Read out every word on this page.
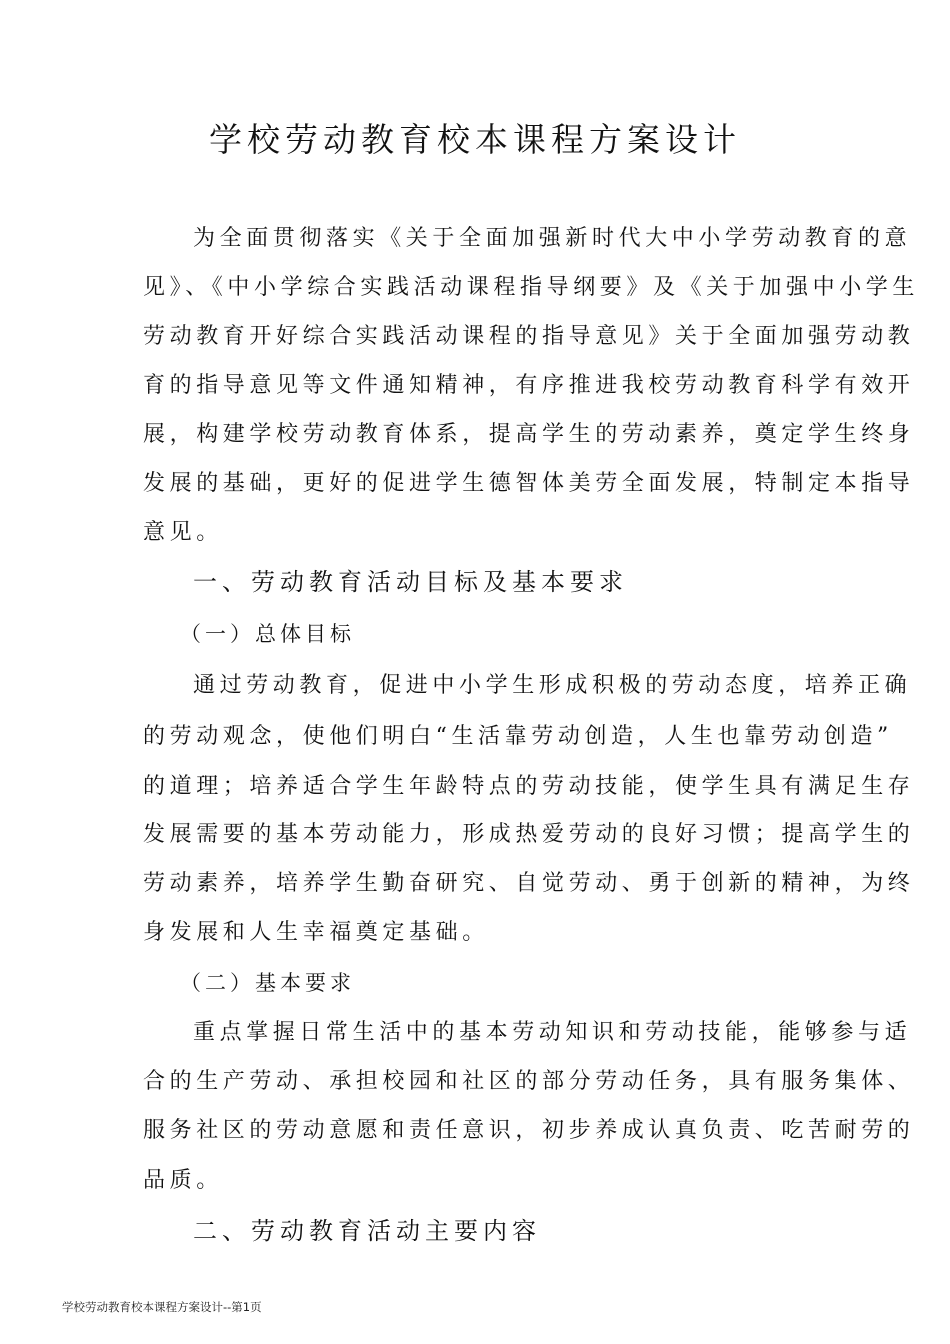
学校劳动教育校本课程方案设计
为全面贯彻落实《关于全面加强新时代大中小学劳动教育的意
见》、《中小学综合实践活动课程指导纲要》及《关于加强中小学生
劳动教育开好综合实践活动课程的指导意见》关于全面加强劳动教
育的指导意见等文件通知精神，有序推进我校劳动教育科学有效开
展，构建学校劳动教育体系，提高学生的劳动素养，奠定学生终身
发展的基础，更好的促进学生德智体美劳全面发展，特制定本指导
意见。
一、劳动教育活动目标及基本要求
（一）总体目标
通过劳动教育，促进中小学生形成积极的劳动态度，培养正确
的劳动观念，使他们明白“生活靠劳动创造，人生也靠劳动创造”
的道理；培养适合学生年龄特点的劳动技能，使学生具有满足生存
发展需要的基本劳动能力，形成热爱劳动的良好习惯；提高学生的
劳动素养，培养学生勤奋研究、自觉劳动、勇于创新的精神，为终
身发展和人生幸福奠定基础。
（二）基本要求
重点掌握日常生活中的基本劳动知识和劳动技能，能够参与适
合的生产劳动、承担校园和社区的部分劳动任务，具有服务集体、
服务社区的劳动意愿和责任意识，初步养成认真负责、吃苦耐劳的
品质。
二、劳动教育活动主要内容
学校劳动教育校本课程方案设计--第1页
